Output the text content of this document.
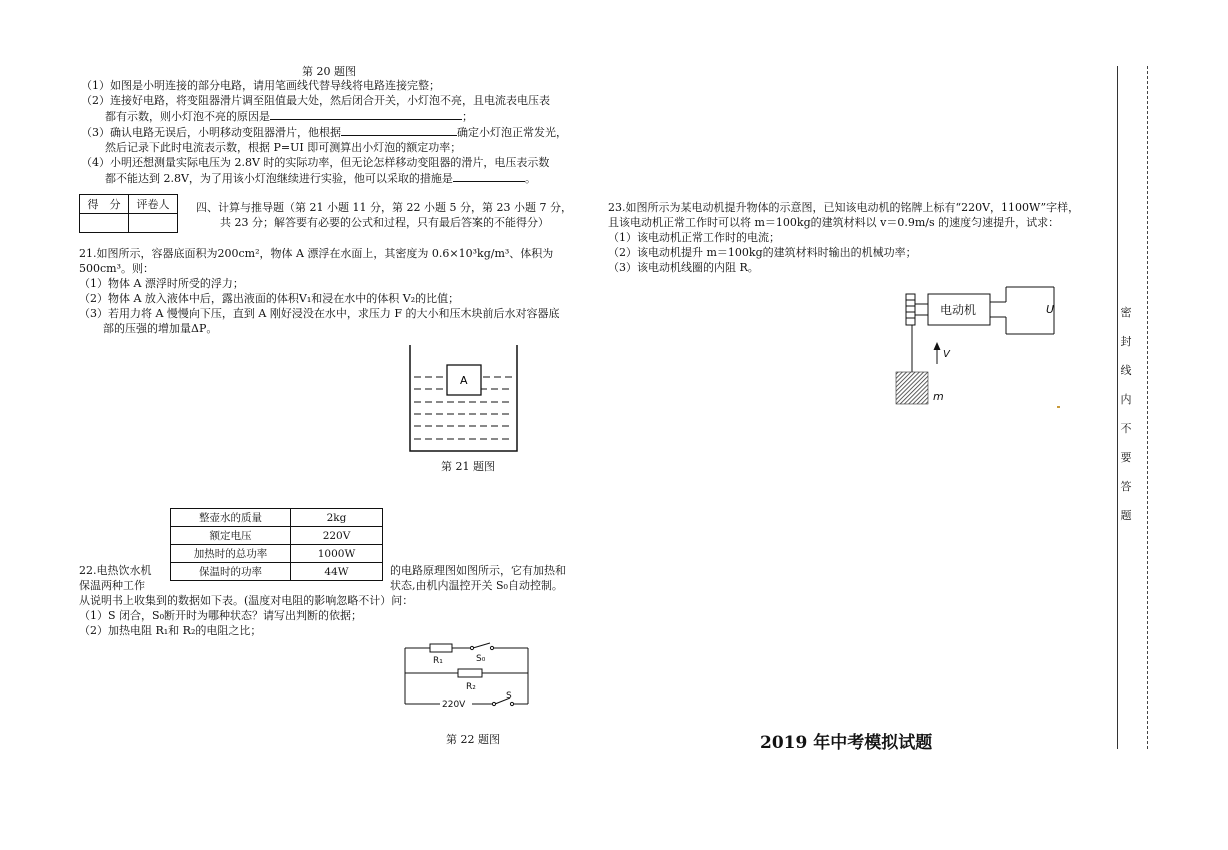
第 20 题图
（1）如图是小明连接的部分电路，请用笔画线代替导线将电路连接完整；
（2）连接好电路，将变阻器滑片调至阻值最大处，然后闭合开关，小灯泡不亮，且电流表电压表
都有示数，则小灯泡不亮的原因是	；
（3）确认电路无误后，小明移动变阻器滑片，他根据	确定小灯泡正常发光，
然后记录下此时电流表示数，根据 P=UI 即可测算出小灯泡的额定功率；
（4）小明还想测量实际电压为 2.8V 时的实际功率，但无论怎样移动变阻器的滑片，电压表示数
都不能达到 2.8V，为了用该小灯泡继续进行实验，他可以采取的措施是	。
得　分	评卷人
	四、计算与推导题（第 21 小题 11 分，第 22 小题 5 分，第 23 小题 7 分，
共 23 分；解答要有必要的公式和过程，只有最后答案的不能得分）
21.如图所示，容器底面积为200cm²，物体 A 漂浮在水面上，其密度为 0.6×10³kg/m³、体积为
500cm³。则：
（1）物体 A 漂浮时所受的浮力；
（2）物体 A 放入液体中后，露出液面的体积V₁和浸在水中的体积 V₂的比值；
（3）若用力将 A 慢慢向下压，直到 A 刚好浸没在水中，求压力 F 的大小和压木块前后水对容器底
部的压强的增加量ΔP。
A
第 21 题图
整壶水的质量	2kg
额定电压	220V
加热时的总功率	1000W
保温时的功率	44W
22.电热饮水机	的电路原理图如图所示，它有加热和
保温两种工作	状态,由机内温控开关 S₀自动控制。
从说明书上收集到的数据如下表。(温度对电阻的影响忽略不计）问：
（1）S 闭合，S₀断开时为哪种状态？请写出判断的依据；
（2）加热电阻 R₁和 R₂的电阻之比；
R₁	S₀
R₂
220V
S
第 22 题图
23.如图所示为某电动机提升物体的示意图，已知该电动机的铭牌上标有“220V，1100W”字样，
且该电动机正常工作时可以将 m＝100kg的建筑材料以 v＝0.9m/s 的速度匀速提升，试求：
（1）该电动机正常工作时的电流；
（2）该电动机提升 m＝100kg的建筑材料时输出的机械功率；
（3）该电动机线圈的内阻 R。
电动机	U
V
m
2019 年中考模拟试题
密
封
线
内
不
要
答
题
